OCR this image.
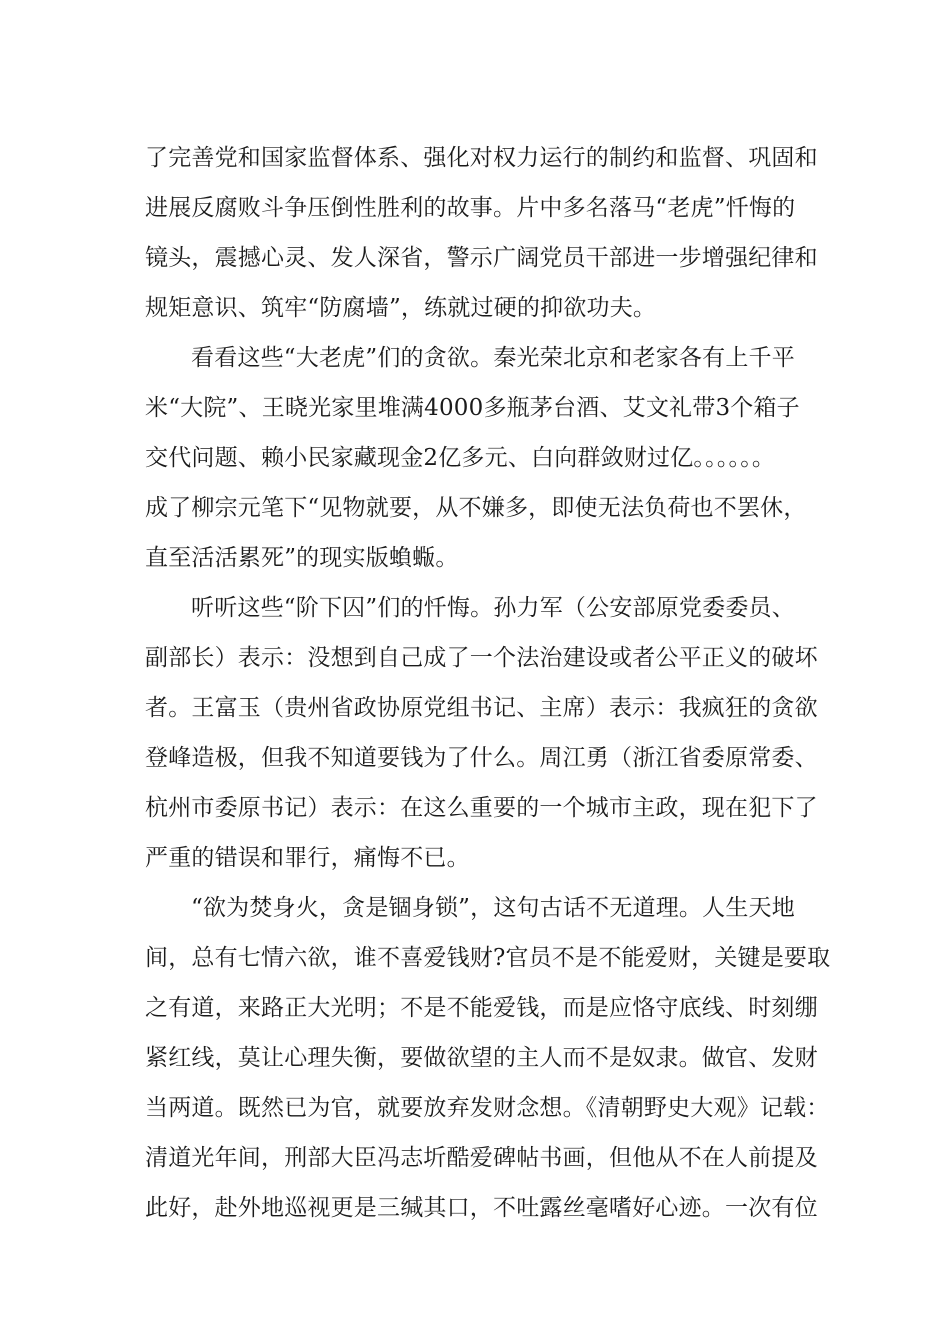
了完善党和国家监督体系、强化对权力运行的制约和监督、巩固和
进展反腐败斗争压倒性胜利的故事。片中多名落马“老虎”忏悔的
镜头，震撼心灵、发人深省，警示广阔党员干部进一步增强纪律和
规矩意识、筑牢“防腐墙”，练就过硬的抑欲功夫。
看看这些“大老虎”们的贪欲。秦光荣北京和老家各有上千平
米“大院”、王晓光家里堆满4000多瓶茅台酒、艾文礼带3个箱子
交代问题、赖小民家藏现金2亿多元、白向群敛财过亿。。。。。。
成了柳宗元笔下“见物就要，从不嫌多，即使无法负荷也不罢休，
直至活活累死”的现实版蝜蝂。
听听这些“阶下囚”们的忏悔。孙力军（公安部原党委委员、
副部长）表示：没想到自己成了一个法治建设或者公平正义的破坏
者。王富玉（贵州省政协原党组书记、主席）表示：我疯狂的贪欲
登峰造极，但我不知道要钱为了什么。周江勇（浙江省委原常委、
杭州市委原书记）表示：在这么重要的一个城市主政，现在犯下了
严重的错误和罪行，痛悔不已。
“欲为焚身火，贪是锢身锁”，这句古话不无道理。人生天地
间，总有七情六欲，谁不喜爱钱财?官员不是不能爱财，关键是要取
之有道，来路正大光明；不是不能爱钱，而是应恪守底线、时刻绷
紧红线，莫让心理失衡，要做欲望的主人而不是奴隶。做官、发财
当两道。既然已为官，就要放弃发财念想。《清朝野史大观》记载：
清道光年间，刑部大臣冯志圻酷爱碑帖书画，但他从不在人前提及
此好，赴外地巡视更是三缄其口，不吐露丝毫嗜好心迹。一次有位
